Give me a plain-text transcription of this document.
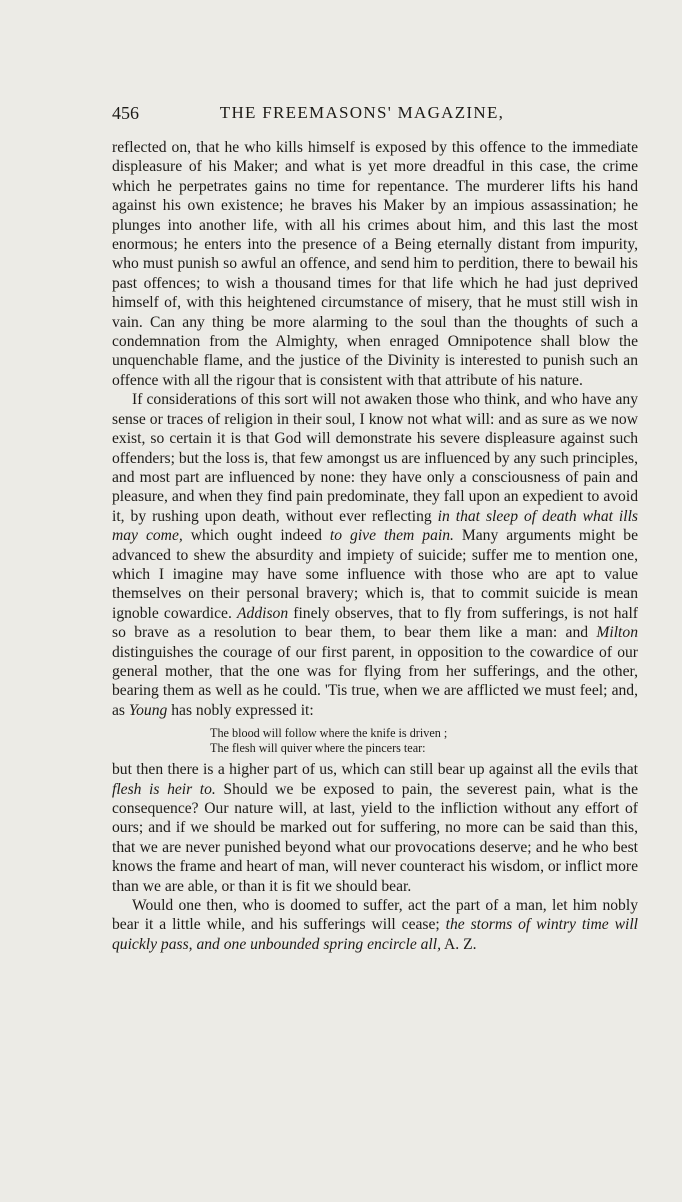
456	THE FREEMASONS' MAGAZINE,

reflected on, that he who kills himself is exposed by this offence to the immediate displeasure of his Maker; and what is yet more dreadful in this case, the crime which he perpetrates gains no time for repentance. The murderer lifts his hand against his own existence; he braves his Maker by an impious assassination; he plunges into another life, with all his crimes about him, and this last the most enormous; he enters into the presence of a Being eternally distant from impurity, who must punish so awful an offence, and send him to perdition, there to bewail his past offences; to wish a thousand times for that life which he had just deprived himself of, with this heightened circumstance of misery, that he must still wish in vain. Can any thing be more alarming to the soul than the thoughts of such a condemnation from the Almighty, when enraged Omnipotence shall blow the unquenchable flame, and the justice of the Divinity is interested to punish such an offence with all the rigour that is consistent with that attribute of his nature.

If considerations of this sort will not awaken those who think, and who have any sense or traces of religion in their soul, I know not what will: and as sure as we now exist, so certain it is that God will demonstrate his severe displeasure against such offenders; but the loss is, that few amongst us are influenced by any such principles, and most part are influenced by none: they have only a consciousness of pain and pleasure, and when they find pain predominate, they fall upon an expedient to avoid it, by rushing upon death, without ever reflecting in that sleep of death what ills may come, which ought indeed to give them pain. Many arguments might be advanced to shew the absurdity and impiety of suicide; suffer me to mention one, which I imagine may have some influence with those who are apt to value themselves on their personal bravery; which is, that to commit suicide is mean ignoble cowardice. Addison finely observes, that to fly from sufferings, is not half so brave as a resolution to bear them, to bear them like a man: and Milton distinguishes the courage of our first parent, in opposition to the cowardice of our general mother, that the one was for flying from her sufferings, and the other, bearing them as well as he could. 'Tis true, when we are afflicted we must feel; and, as Young has nobly expressed it:

The blood will follow where the knife is driven ;
The flesh will quiver where the pincers tear:

but then there is a higher part of us, which can still bear up against all the evils that flesh is heir to. Should we be exposed to pain, the severest pain, what is the consequence? Our nature will, at last, yield to the infliction without any effort of ours; and if we should be marked out for suffering, no more can be said than this, that we are never punished beyond what our provocations deserve; and he who best knows the frame and heart of man, will never counteract his wisdom, or inflict more than we are able, or than it is fit we should bear.

Would one then, who is doomed to suffer, act the part of a man, let him nobly bear it a little while, and his sufferings will cease; the storms of wintry time will quickly pass, and one unbounded spring encircle all, A. Z.
